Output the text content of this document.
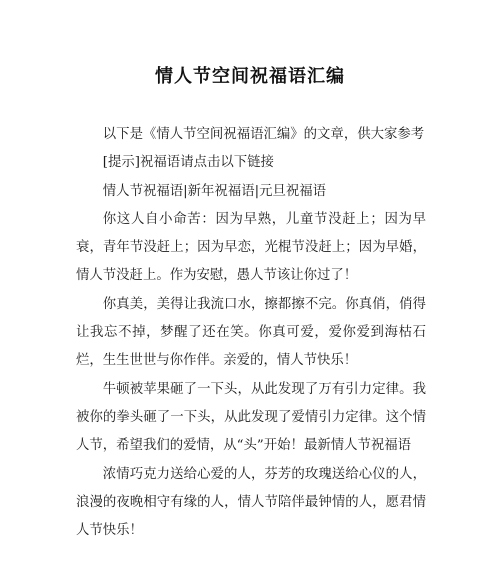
情人节空间祝福语汇编

以下是《情人节空间祝福语汇编》的文章，供大家参考

[提示]祝福语请点击以下链接

情人节祝福语|新年祝福语|元旦祝福语

你这人自小命苦：因为早熟，儿童节没赶上；因为早衰，青年节没赶上；因为早恋，光棍节没赶上；因为早婚，情人节没赶上。作为安慰，愚人节该让你过了！

你真美，美得让我流口水，擦都擦不完。你真俏，俏得让我忘不掉，梦醒了还在笑。你真可爱，爱你爱到海枯石烂，生生世世与你作伴。亲爱的，情人节快乐！

牛顿被苹果砸了一下头，从此发现了万有引力定律。我被你的拳头砸了一下头，从此发现了爱情引力定律。这个情人节，希望我们的爱情，从“头”开始！最新情人节祝福语

浓情巧克力送给心爱的人，芬芳的玫瑰送给心仪的人，浪漫的夜晚相守有缘的人，情人节陪伴最钟情的人，愿君情人节快乐！
